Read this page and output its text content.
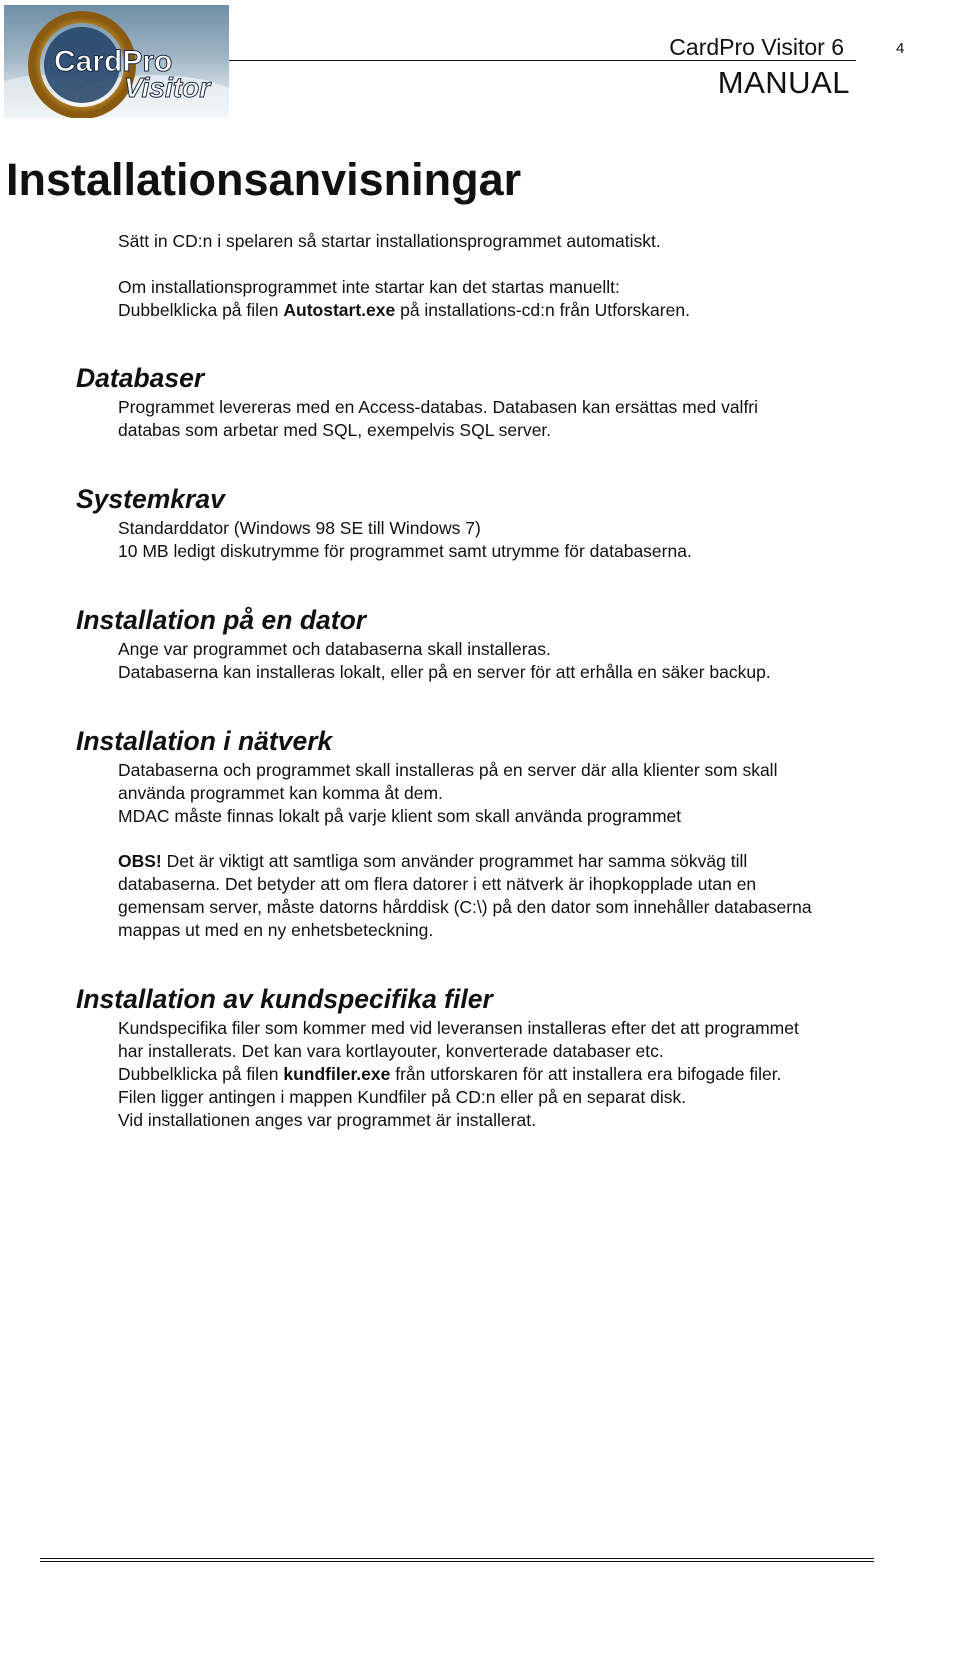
CardPro
Visitor
CardPro Visitor 6
MANUAL
4
Installationsanvisningar

Sätt in CD:n i spelaren så startar installationsprogrammet automatiskt.

Om installationsprogrammet inte startar kan det startas manuellt:
Dubbelklicka på filen Autostart.exe på installations-cd:n från Utforskaren.

Databaser

Programmet levereras med en Access-databas. Databasen kan ersättas med valfri
databas som arbetar med SQL, exempelvis SQL server.

Systemkrav

Standarddator (Windows 98 SE till Windows 7)
10 MB ledigt diskutrymme för programmet samt utrymme för databaserna.

Installation på en dator

Ange var programmet och databaserna skall installeras.
Databaserna kan installeras lokalt, eller på en server för att erhålla en säker backup.

Installation i nätverk

Databaserna och programmet skall installeras på en server där alla klienter som skall
använda programmet kan komma åt dem.
MDAC måste finnas lokalt på varje klient som skall använda programmet

OBS! Det är viktigt att samtliga som använder programmet har samma sökväg till
databaserna. Det betyder att om flera datorer i ett nätverk är ihopkopplade utan en
gemensam server, måste datorns hårddisk (C:\) på den dator som innehåller databaserna
mappas ut med en ny enhetsbeteckning.

Installation av kundspecifika filer

Kundspecifika filer som kommer med vid leveransen installeras efter det att programmet
har installerats. Det kan vara kortlayouter, konverterade databaser etc.
Dubbelklicka på filen kundfiler.exe från utforskaren för att installera era bifogade filer.
Filen ligger antingen i mappen Kundfiler på CD:n eller på en separat disk.
Vid installationen anges var programmet är installerat.
